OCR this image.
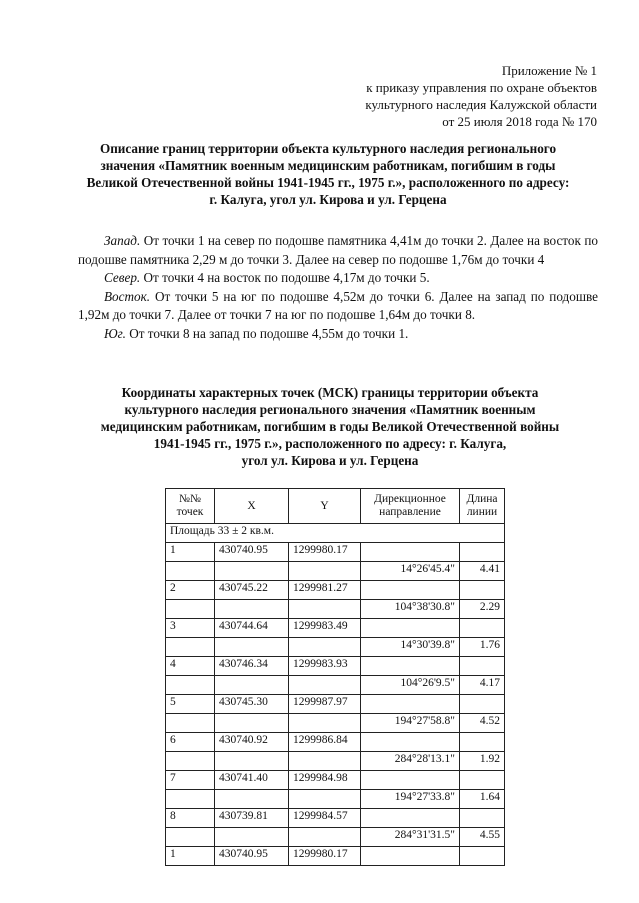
Приложение № 1
к приказу управления по охране объектов
культурного наследия Калужской области
от 25 июля 2018 года № 170
Описание границ территории объекта культурного наследия регионального
значения «Памятник военным медицинским работникам, погибшим в годы
Великой Отечественной войны 1941-1945 гг., 1975 г.», расположенного по адресу:
г. Калуга, угол ул. Кирова и ул. Герцена

Запад. От точки 1 на север по подошве памятника 4,41м до точки 2. Далее на восток по подошве памятника 2,29 м до точки 3. Далее на север по подошве 1,76м до точки 4

Север. От точки 4 на восток по подошве 4,17м до точки 5.

Восток. От точки 5 на юг по подошве 4,52м до точки 6. Далее на запад по подошве 1,92м до точки 7. Далее от точки 7 на юг по подошве 1,64м до точки 8.

Юг. От точки 8 на запад по подошве 4,55м до точки 1.

Координаты характерных точек (МСК) границы территории объекта
культурного наследия регионального значения «Памятник военным
медицинским работникам, погибшим в годы Великой Отечественной войны
1941-1945 гг., 1975 г.», расположенного по адресу: г. Калуга,
угол ул. Кирова и ул. Герцена
№№
точек	X	Y	Дирекционное
направление	Длина
линии
Площадь 33 ± 2 кв.м.				
1	430740.95	1299980.17		
			14°26'45.4"	4.41
2	430745.22	1299981.27		
			104°38'30.8"	2.29
3	430744.64	1299983.49		
			14°30'39.8"	1.76
4	430746.34	1299983.93		
			104°26'9.5"	4.17
5	430745.30	1299987.97		
			194°27'58.8"	4.52
6	430740.92	1299986.84		
			284°28'13.1"	1.92
7	430741.40	1299984.98		
			194°27'33.8"	1.64
8	430739.81	1299984.57		
			284°31'31.5"	4.55
1	430740.95	1299980.17		
